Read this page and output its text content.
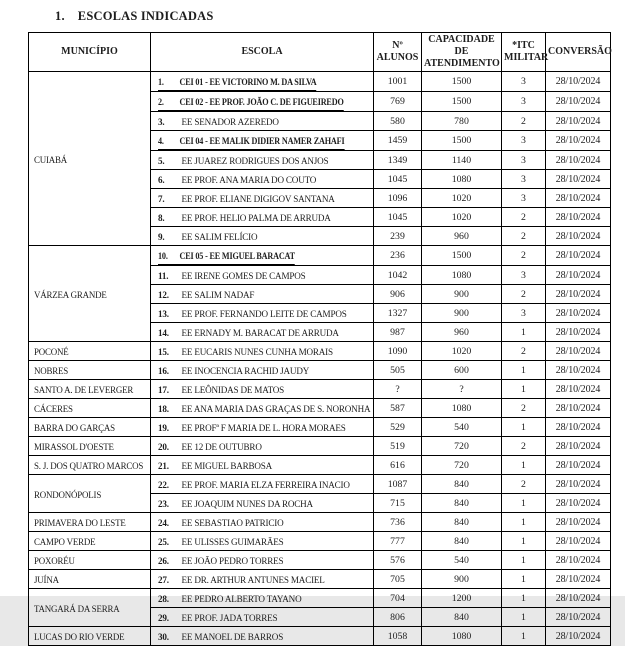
1. ESCOLAS INDICADAS
MUNICÍPIO	ESCOLA	Nº ALUNOS	CAPACIDADE DE ATENDIMENTO	*ITC MILITAR	CONVERSÃO
CUIABÁ	1. CEI 01 - EE VICTORINO M. DA SILVA	1001	1500	3	28/10/2024
	2. CEI 02 - EE PROF. JOÃO C. DE FIGUEIREDO	769	1500	3	28/10/2024
	3. EE SENADOR AZEREDO	580	780	2	28/10/2024
	4. CEI 04 - EE MALIK DIDIER NAMER ZAHAFI	1459	1500	3	28/10/2024
	5. EE JUAREZ RODRIGUES DOS ANJOS	1349	1140	3	28/10/2024
	6. EE PROF. ANA MARIA DO COUTO	1045	1080	3	28/10/2024
	7. EE PROF. ELIANE DIGIGOV SANTANA	1096	1020	3	28/10/2024
	8. EE PROF. HELIO PALMA DE ARRUDA	1045	1020	2	28/10/2024
	9. EE SALIM FELÍCIO	239	960	2	28/10/2024
VÁRZEA GRANDE	10. CEI 05 - EE MIGUEL BARACAT	236	1500	2	28/10/2024
	11. EE IRENE GOMES DE CAMPOS	1042	1080	3	28/10/2024
	12. EE SALIM NADAF	906	900	2	28/10/2024
	13. EE PROF. FERNANDO LEITE DE CAMPOS	1327	900	3	28/10/2024
	14. EE ERNADY M. BARACAT DE ARRUDA	987	960	1	28/10/2024
POCONÉ	15. EE EUCARIS NUNES CUNHA MORAIS	1090	1020	2	28/10/2024
NOBRES	16. EE INOCENCIA RACHID JAUDY	505	600	1	28/10/2024
SANTO A. DE LEVERGER	17. EE LEÔNIDAS DE MATOS	?	?	1	28/10/2024
CÁCERES	18. EE ANA MARIA DAS GRAÇAS DE S. NORONHA	587	1080	2	28/10/2024
BARRA DO GARÇAS	19. EE PROFª F MARIA DE L. HORA MORAES	529	540	1	28/10/2024
MIRASSOL D'OESTE	20. EE 12 DE OUTUBRO	519	720	2	28/10/2024
S. J. DOS QUATRO MARCOS	21. EE MIGUEL BARBOSA	616	720	1	28/10/2024
RONDONÓPOLIS	22. EE PROF. MARIA ELZA FERREIRA INACIO	1087	840	2	28/10/2024
	23. EE JOAQUIM NUNES DA ROCHA	715	840	1	28/10/2024
PRIMAVERA DO LESTE	24. EE SEBASTIAO PATRICIO	736	840	1	28/10/2024
CAMPO VERDE	25. EE ULISSES GUIMARÃES	777	840	1	28/10/2024
POXORÉU	26. EE JOÃO PEDRO TORRES	576	540	1	28/10/2024
JUÍNA	27. EE DR. ARTHUR ANTUNES MACIEL	705	900	1	28/10/2024
TANGARÁ DA SERRA	28. EE PEDRO ALBERTO TAYANO	704	1200	1	28/10/2024
	29. EE PROF. JADA TORRES	806	840	1	28/10/2024
LUCAS DO RIO VERDE	30. EE MANOEL DE BARROS	1058	1080	1	28/10/2024
